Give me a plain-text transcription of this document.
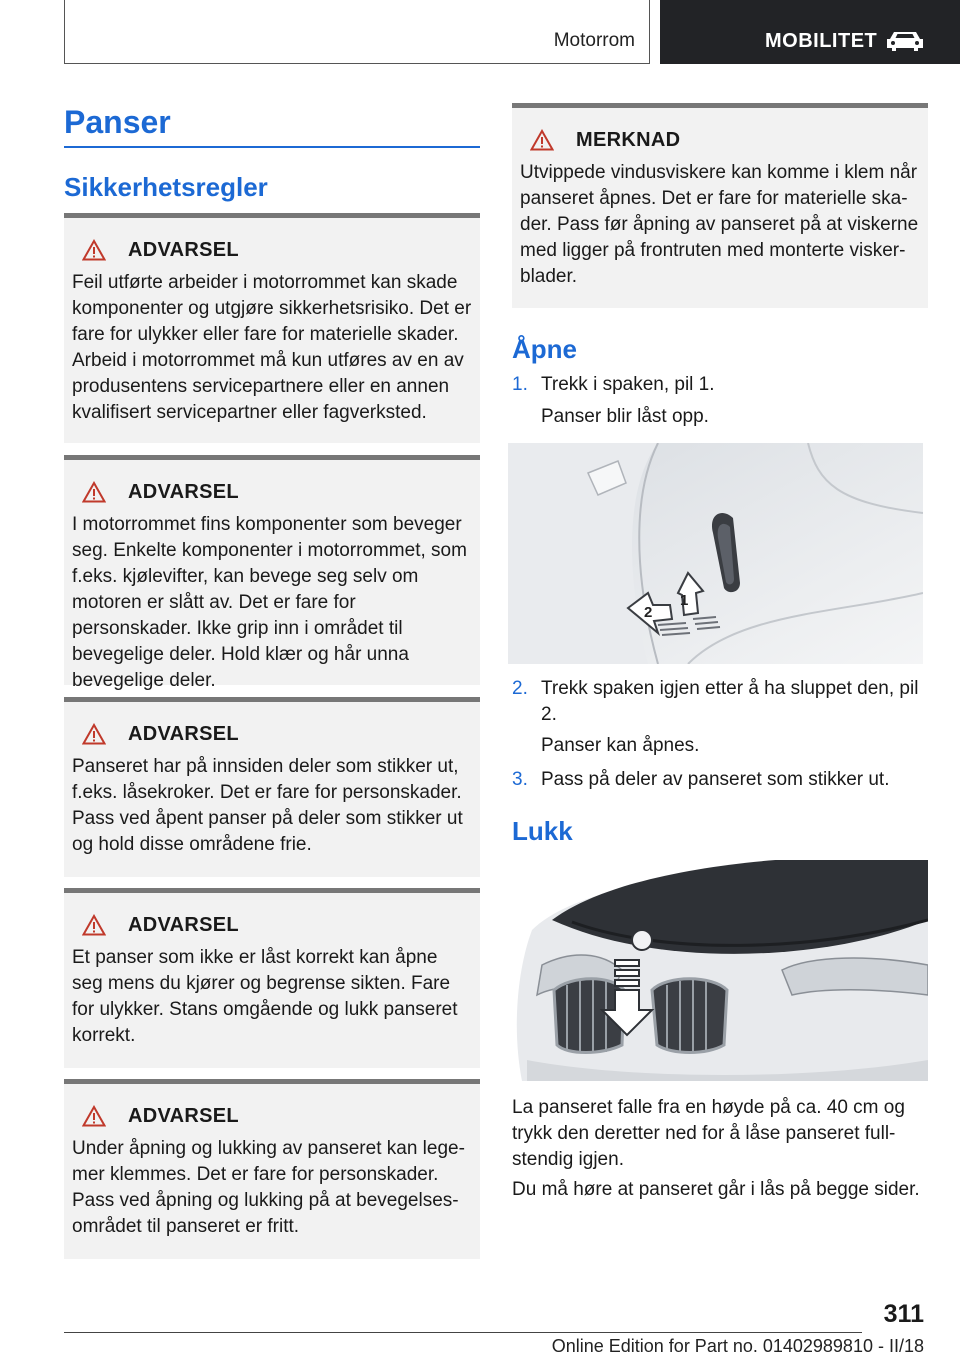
Motorrom	MOBILITET
Panser
Sikkerhetsregler
ADVARSEL
Feil utførte arbeider i motorrommet kan skade komponenter og utgjøre sikkerhetsrisiko. Det er fare for ulykker eller fare for materielle skader. Arbeid i motorrommet må kun utføres av en av produsentens servicepartnere eller en annen kvalifisert servicepartner eller fagverksted.
ADVARSEL
I motorrommet fins komponenter som beveger seg. Enkelte komponenter i motorrommet, som f.eks. kjølevifter, kan bevege seg selv om motoren er slått av. Det er fare for personskader. Ikke grip inn i området til bevegelige deler. Hold klær og hår unna bevegelige deler.
ADVARSEL
Panseret har på innsiden deler som stikker ut, f.eks. låsekroker. Det er fare for personskader. Pass ved åpent panser på deler som stikker ut og hold disse områdene frie.
ADVARSEL
Et panser som ikke er låst korrekt kan åpne seg mens du kjører og begrense sikten. Fare for ulykker. Stans omgående og lukk panseret korrekt.
ADVARSEL
Under åpning og lukking av panseret kan legemer klemmes. Det er fare for personskader. Pass ved åpning og lukking på at bevegelsesområdet til panseret er fritt.
MERKNAD
Utvippede vindusviskere kan komme i klem når panseret åpnes. Det er fare for materielle skader. Pass før åpning av panseret på at viskerne med ligger på frontruten med monterte viskerblader.
Åpne
1. Trekk i spaken, pil 1.
Panser blir låst opp.
1
2
2. Trekk spaken igjen etter å ha sluppet den, pil 2.
Panser kan åpnes.
3. Pass på deler av panseret som stikker ut.
Lukk
La panseret falle fra en høyde på ca. 40 cm og trykk den deretter ned for å låse panseret fullstendig igjen.
Du må høre at panseret går i lås på begge sider.
311
Online Edition for Part no. 01402989810 - II/18
